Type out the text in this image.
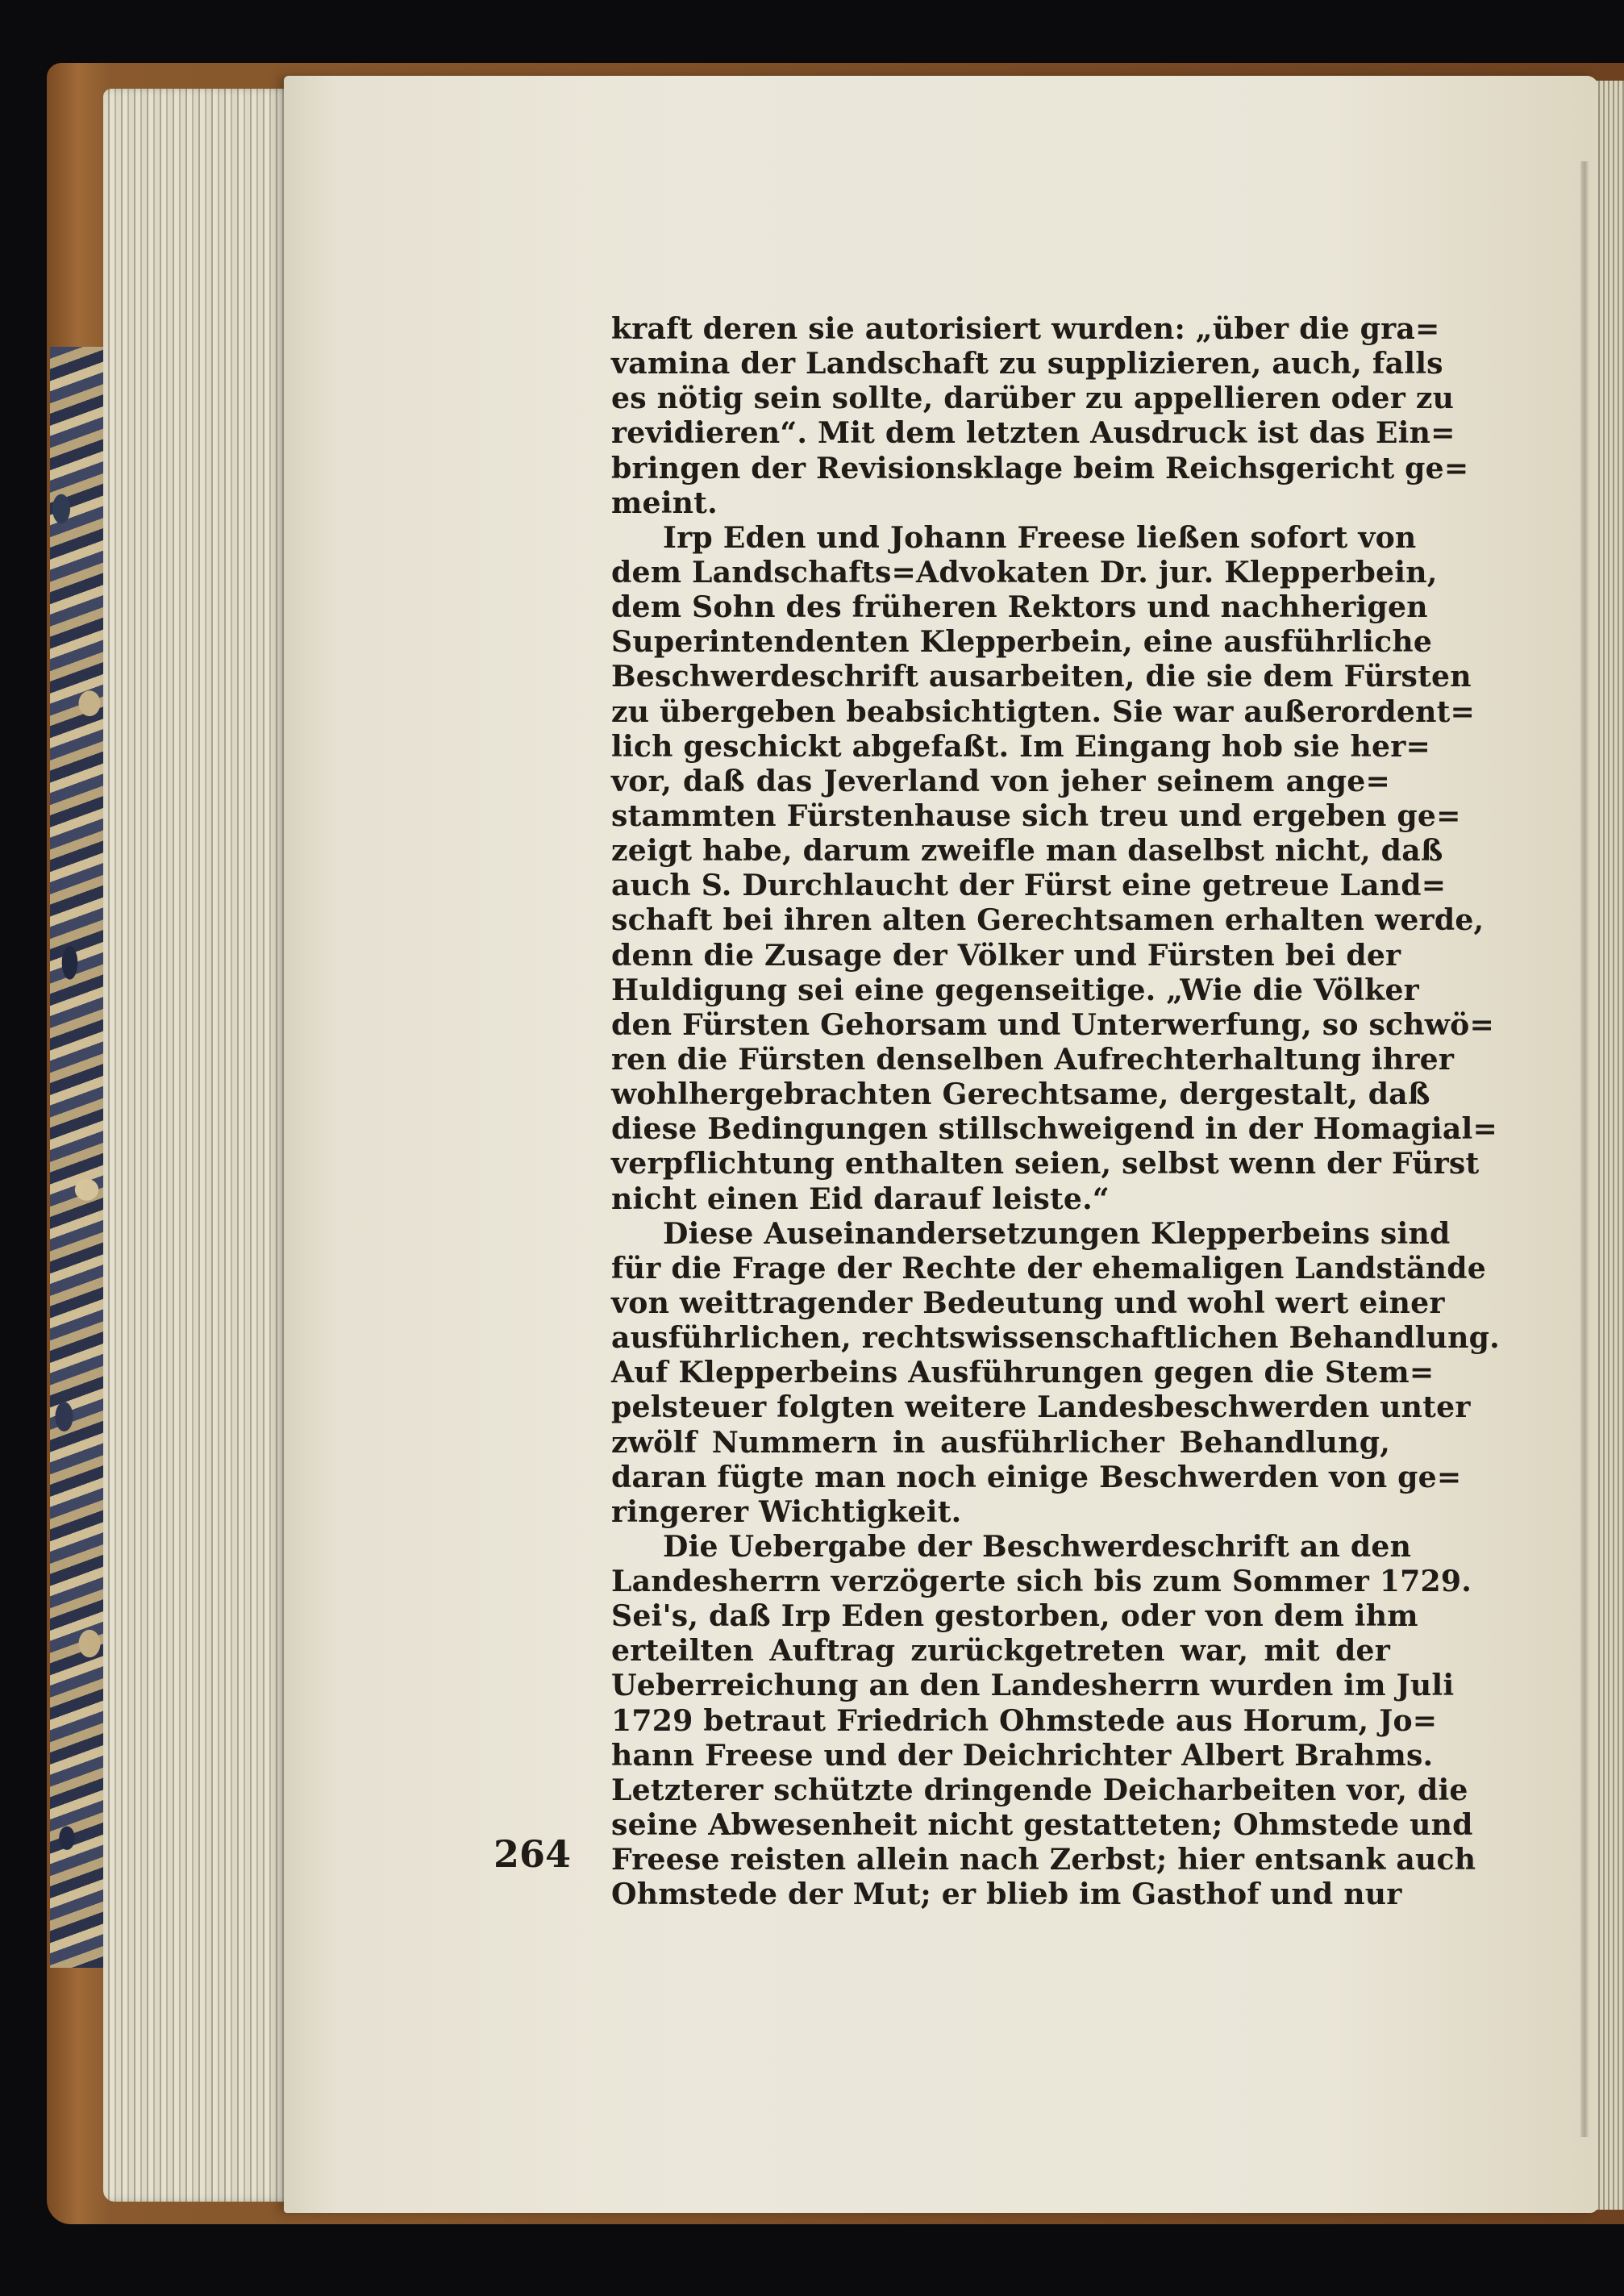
kraft deren sie autorisiert wurden: „über die gra=
vamina der Landschaft zu supplizieren, auch, falls
es nötig sein sollte, darüber zu appellieren oder zu
revidieren“. Mit dem letzten Ausdruck ist das Ein=
bringen der Revisionsklage beim Reichsgericht ge=
meint.
Irp Eden und Johann Freese ließen sofort von
dem Landschafts=Advokaten Dr. jur. Klepperbein,
dem Sohn des früheren Rektors und nachherigen
Superintendenten Klepperbein, eine ausführliche
Beschwerdeschrift ausarbeiten, die sie dem Fürsten
zu übergeben beabsichtigten. Sie war außerordent=
lich geschickt abgefaßt. Im Eingang hob sie her=
vor, daß das Jeverland von jeher seinem ange=
stammten Fürstenhause sich treu und ergeben ge=
zeigt habe, darum zweifle man daselbst nicht, daß
auch S. Durchlaucht der Fürst eine getreue Land=
schaft bei ihren alten Gerechtsamen erhalten werde,
denn die Zusage der Völker und Fürsten bei der
Huldigung sei eine gegenseitige. „Wie die Völker
den Fürsten Gehorsam und Unterwerfung, so schwö=
ren die Fürsten denselben Aufrechterhaltung ihrer
wohlhergebrachten Gerechtsame, dergestalt, daß
diese Bedingungen stillschweigend in der Homagial=
verpflichtung enthalten seien, selbst wenn der Fürst
nicht einen Eid darauf leiste.“
Diese Auseinandersetzungen Klepperbeins sind
für die Frage der Rechte der ehemaligen Landstände
von weittragender Bedeutung und wohl wert einer
ausführlichen, rechtswissenschaftlichen Behandlung.
Auf Klepperbeins Ausführungen gegen die Stem=
pelsteuer folgten weitere Landesbeschwerden unter
zwölf Nummern in ausführlicher Behandlung,
daran fügte man noch einige Beschwerden von ge=
ringerer Wichtigkeit.
Die Uebergabe der Beschwerdeschrift an den
Landesherrn verzögerte sich bis zum Sommer 1729.
Sei's, daß Irp Eden gestorben, oder von dem ihm
erteilten Auftrag zurückgetreten war, mit der
Ueberreichung an den Landesherrn wurden im Juli
1729 betraut Friedrich Ohmstede aus Horum, Jo=
hann Freese und der Deichrichter Albert Brahms.
Letzterer schützte dringende Deicharbeiten vor, die
seine Abwesenheit nicht gestatteten; Ohmstede und
Freese reisten allein nach Zerbst; hier entsank auch
Ohmstede der Mut; er blieb im Gasthof und nur
264
